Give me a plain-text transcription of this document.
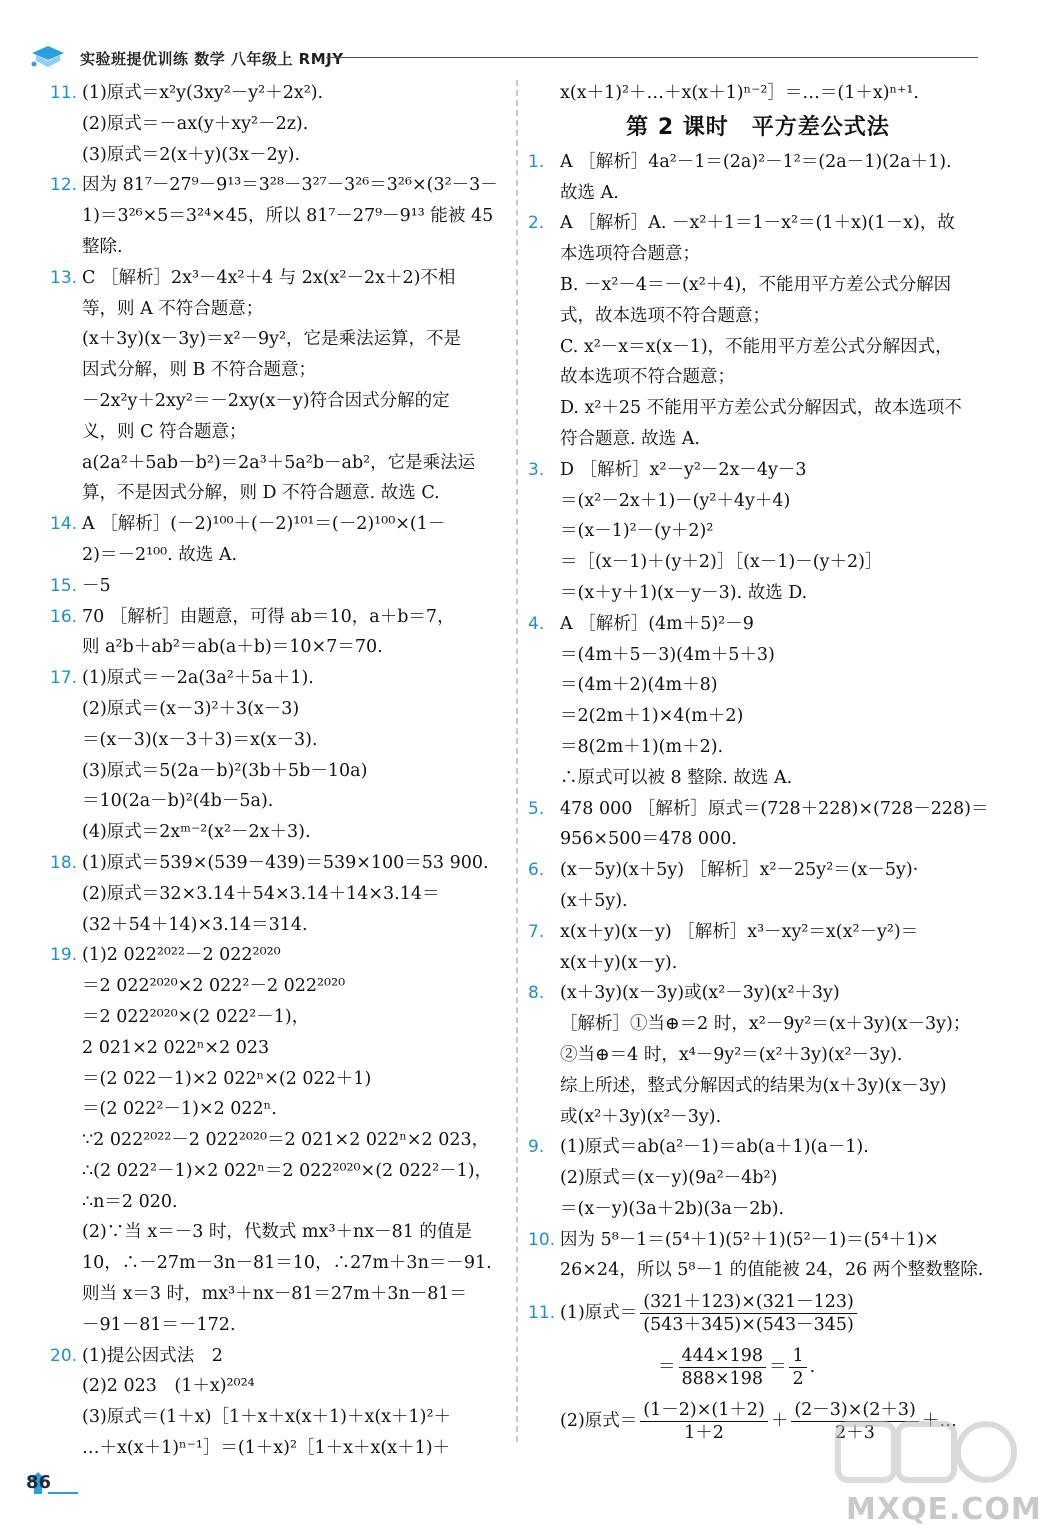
实验班提优训练 数学 八年级上 RMJY
11. (1)原式＝x²y(3xy²－y²＋2x²).
(2)原式＝－ax(y＋xy²－2z).
(3)原式＝2(x＋y)(3x－2y).
12. 因为 81⁷－27⁹－9¹³＝3²⁸－3²⁷－3²⁶＝3²⁶×(3²－3－
1)＝3²⁶×5＝3²⁴×45，所以 81⁷－27⁹－9¹³ 能被 45
整除.
13. C ［解析］2x³－4x²＋4 与 2x(x²－2x＋2)不相
等，则 A 不符合题意；
(x＋3y)(x－3y)＝x²－9y²，它是乘法运算，不是
因式分解，则 B 不符合题意；
－2x²y＋2xy²＝－2xy(x－y)符合因式分解的定
义，则 C 符合题意；
a(2a²＋5ab－b²)＝2a³＋5a²b－ab²，它是乘法运
算，不是因式分解，则 D 不符合题意. 故选 C.
14. A ［解析］(－2)¹⁰⁰＋(－2)¹⁰¹＝(－2)¹⁰⁰×(1－
2)＝－2¹⁰⁰. 故选 A.
15. －5
16. 70 ［解析］由题意，可得 ab＝10，a＋b＝7，
则 a²b＋ab²＝ab(a＋b)＝10×7＝70.
17. (1)原式＝－2a(3a²＋5a＋1).
(2)原式＝(x－3)²＋3(x－3)
＝(x－3)(x－3＋3)＝x(x－3).
(3)原式＝5(2a－b)²(3b＋5b－10a)
＝10(2a－b)²(4b－5a).
(4)原式＝2xᵐ⁻²(x²－2x＋3).
18. (1)原式＝539×(539－439)＝539×100＝53 900.
(2)原式＝32×3.14＋54×3.14＋14×3.14＝
(32＋54＋14)×3.14＝314.
19. (1)2 022²⁰²²－2 022²⁰²⁰
＝2 022²⁰²⁰×2 022²－2 022²⁰²⁰
＝2 022²⁰²⁰×(2 022²－1)，
2 021×2 022ⁿ×2 023
＝(2 022－1)×2 022ⁿ×(2 022＋1)
＝(2 022²－1)×2 022ⁿ.
∵2 022²⁰²²－2 022²⁰²⁰＝2 021×2 022ⁿ×2 023，
∴(2 022²－1)×2 022ⁿ＝2 022²⁰²⁰×(2 022²－1)，
∴n＝2 020.
(2)∵当 x＝－3 时，代数式 mx³＋nx－81 的值是
10，∴－27m－3n－81＝10，∴27m＋3n＝－91.
则当 x＝3 时，mx³＋nx－81＝27m＋3n－81＝
－91－81＝－172.
20. (1)提公因式法　2
(2)2 023　(1＋x)²⁰²⁴
(3)原式＝(1＋x)［1＋x＋x(x＋1)＋x(x＋1)²＋
…＋x(x＋1)ⁿ⁻¹］＝(1＋x)²［1＋x＋x(x＋1)＋
x(x＋1)²＋…＋x(x＋1)ⁿ⁻²］＝…＝(1＋x)ⁿ⁺¹.
第 2 课时　平方差公式法
1. A ［解析］4a²－1＝(2a)²－1²＝(2a－1)(2a＋1).
故选 A.
2. A ［解析］A. －x²＋1＝1－x²＝(1＋x)(1－x)，故
本选项符合题意；
B. －x²－4＝－(x²＋4)，不能用平方差公式分解因
式，故本选项不符合题意；
C. x²－x＝x(x－1)，不能用平方差公式分解因式，
故本选项不符合题意；
D. x²＋25 不能用平方差公式分解因式，故本选项不
符合题意. 故选 A.
3. D ［解析］x²－y²－2x－4y－3
＝(x²－2x＋1)－(y²＋4y＋4)
＝(x－1)²－(y＋2)²
＝［(x－1)＋(y＋2)］［(x－1)－(y＋2)］
＝(x＋y＋1)(x－y－3). 故选 D.
4. A ［解析］(4m＋5)²－9
＝(4m＋5－3)(4m＋5＋3)
＝(4m＋2)(4m＋8)
＝2(2m＋1)×4(m＋2)
＝8(2m＋1)(m＋2).
∴原式可以被 8 整除. 故选 A.
5. 478 000 ［解析］原式＝(728＋228)×(728－228)＝
956×500＝478 000.
6. (x－5y)(x＋5y) ［解析］x²－25y²＝(x－5y)·
(x＋5y).
7. x(x＋y)(x－y) ［解析］x³－xy²＝x(x²－y²)＝
x(x＋y)(x－y).
8. (x＋3y)(x－3y)或(x²－3y)(x²＋3y)
［解析］①当⊕＝2 时，x²－9y²＝(x＋3y)(x－3y)；
②当⊕＝4 时，x⁴－9y²＝(x²＋3y)(x²－3y).
综上所述，整式分解因式的结果为(x＋3y)(x－3y)
或(x²＋3y)(x²－3y).
9. (1)原式＝ab(a²－1)＝ab(a＋1)(a－1).
(2)原式＝(x－y)(9a²－4b²)
＝(x－y)(3a＋2b)(3a－2b).
10. 因为 5⁸－1＝(5⁴＋1)(5²＋1)(5²－1)＝(5⁴＋1)×
26×24，所以 5⁸－1 的值能被 24，26 两个整数整除.
11. (1)原式＝ $\frac{(321+123)\times(321-123)}{(543+345)\times(543-345)}$
＝ $\frac{444\times 198}{888\times 198} = \frac{1}{2}$ .
(2)原式＝ $\frac{(1-2)\times(1+2)}{1+2} + \frac{(2-3)\times(2+3)}{2+3}$ ＋…
86
MXQE.COM
